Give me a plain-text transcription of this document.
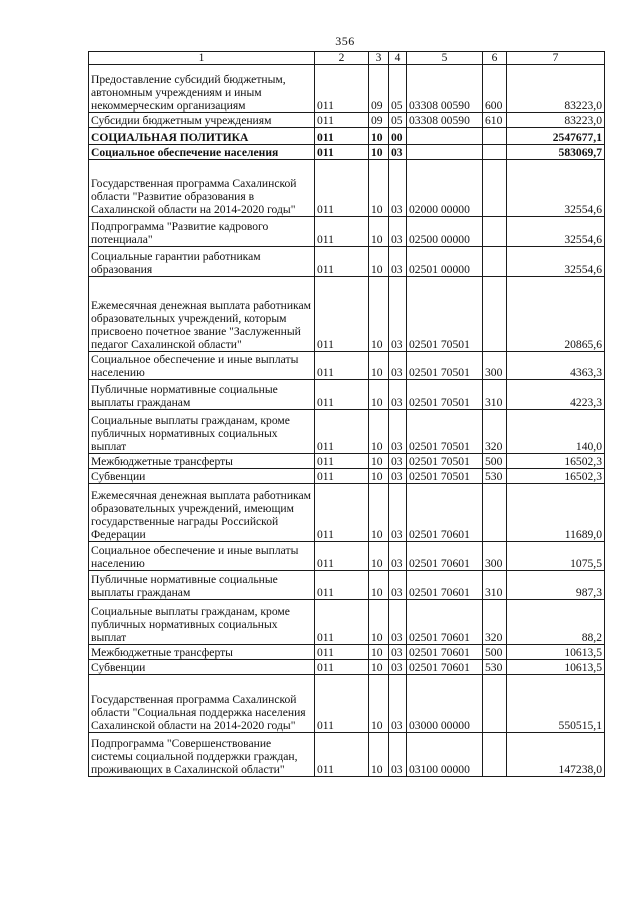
356
1	2	3	4	5	6	7
Предоставление субсидий бюджетным, автономным учреждениям и иным некоммерческим организациям	011	09	05	03308 00590	600	83223,0
Субсидии бюджетным учреждениям	011	09	05	03308 00590	610	83223,0
СОЦИАЛЬНАЯ ПОЛИТИКА	011	10	00			2547677,1
Социальное обеспечение населения	011	10	03			583069,7
Государственная программа Сахалинской области "Развитие образования в Сахалинской области на 2014-2020 годы"	011	10	03	02000 00000		32554,6
Подпрограмма "Развитие кадрового потенциала"	011	10	03	02500 00000		32554,6
Социальные гарантии работникам образования	011	10	03	02501 00000		32554,6
Ежемесячная денежная выплата работникам образовательных учреждений, которым присвоено почетное звание "Заслуженный педагог Сахалинской области"	011	10	03	02501 70501		20865,6
Социальное обеспечение и иные выплаты населению	011	10	03	02501 70501	300	4363,3
Публичные нормативные социальные выплаты гражданам	011	10	03	02501 70501	310	4223,3
Социальные выплаты гражданам, кроме публичных нормативных социальных выплат	011	10	03	02501 70501	320	140,0
Межбюджетные трансферты	011	10	03	02501 70501	500	16502,3
Субвенции	011	10	03	02501 70501	530	16502,3
Ежемесячная денежная выплата работникам образовательных учреждений, имеющим государственные награды Российской Федерации	011	10	03	02501 70601		11689,0
Социальное обеспечение и иные выплаты населению	011	10	03	02501 70601	300	1075,5
Публичные нормативные социальные выплаты гражданам	011	10	03	02501 70601	310	987,3
Социальные выплаты гражданам, кроме публичных нормативных социальных выплат	011	10	03	02501 70601	320	88,2
Межбюджетные трансферты	011	10	03	02501 70601	500	10613,5
Субвенции	011	10	03	02501 70601	530	10613,5
Государственная программа Сахалинской области "Социальная поддержка населения Сахалинской области на 2014-2020 годы"	011	10	03	03000 00000		550515,1
Подпрограмма "Совершенствование системы социальной поддержки граждан, проживающих в Сахалинской области"	011	10	03	03100 00000		147238,0
